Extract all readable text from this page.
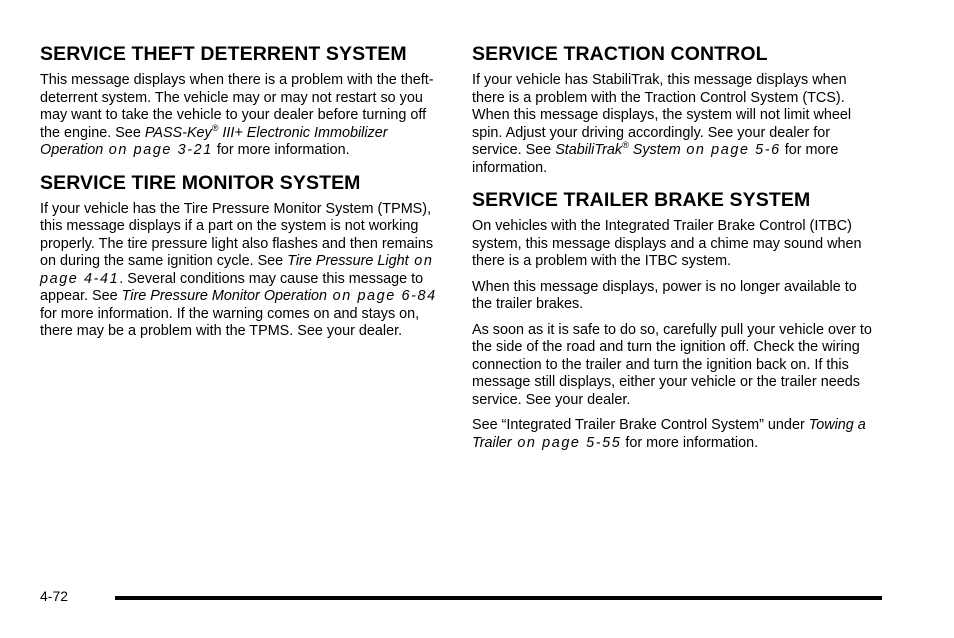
SERVICE THEFT DETERRENT SYSTEM

This message displays when there is a problem with the theft-deterrent system. The vehicle may or may not restart so you may want to take the vehicle to your dealer before turning off the engine. See PASS-Key® III+ Electronic Immobilizer Operation on page 3-21 for more information.

SERVICE TIRE MONITOR SYSTEM

If your vehicle has the Tire Pressure Monitor System (TPMS), this message displays if a part on the system is not working properly. The tire pressure light also flashes and then remains on during the same ignition cycle. See Tire Pressure Light on page 4-41. Several conditions may cause this message to appear. See Tire Pressure Monitor Operation on page 6-84 for more information. If the warning comes on and stays on, there may be a problem with the TPMS. See your dealer.

SERVICE TRACTION CONTROL

If your vehicle has StabiliTrak, this message displays when there is a problem with the Traction Control System (TCS). When this message displays, the system will not limit wheel spin. Adjust your driving accordingly. See your dealer for service. See StabiliTrak® System on page 5-6 for more information.

SERVICE TRAILER BRAKE SYSTEM

On vehicles with the Integrated Trailer Brake Control (ITBC) system, this message displays and a chime may sound when there is a problem with the ITBC system.

When this message displays, power is no longer available to the trailer brakes.

As soon as it is safe to do so, carefully pull your vehicle over to the side of the road and turn the ignition off. Check the wiring connection to the trailer and turn the ignition back on. If this message still displays, either your vehicle or the trailer needs service. See your dealer.

See “Integrated Trailer Brake Control System” under Towing a Trailer on page 5-55 for more information.

4-72
